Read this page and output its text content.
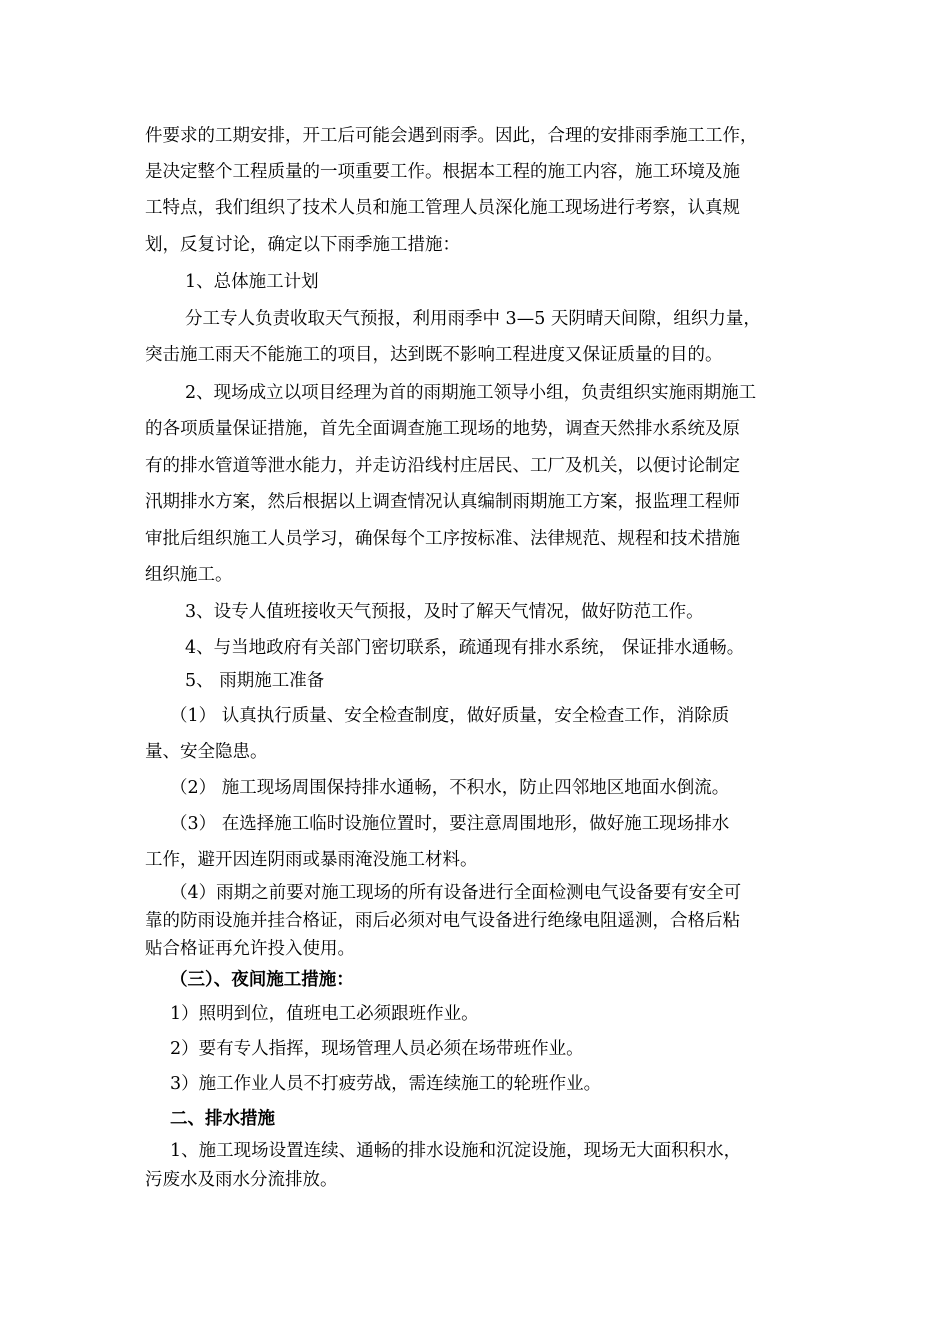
件要求的工期安排，开工后可能会遇到雨季。因此，合理的安排雨季施工工作，
是决定整个工程质量的一项重要工作。根据本工程的施工内容，施工环境及施
工特点，我们组织了技术人员和施工管理人员深化施工现场进行考察，认真规
划，反复讨论，确定以下雨季施工措施：
1、总体施工计划
分工专人负责收取天气预报，利用雨季中 3—5 天阴晴天间隙，组织力量，
突击施工雨天不能施工的项目，达到既不影响工程进度又保证质量的目的。
2、现场成立以项目经理为首的雨期施工领导小组，负责组织实施雨期施工
的各项质量保证措施，首先全面调查施工现场的地势，调查天然排水系统及原
有的排水管道等泄水能力，并走访沿线村庄居民、工厂及机关，以便讨论制定
汛期排水方案，然后根据以上调查情况认真编制雨期施工方案，报监理工程师
审批后组织施工人员学习，确保每个工序按标准、法律规范、规程和技术措施
组织施工。
3、设专人值班接收天气预报，及时了解天气情况，做好防范工作。
4、与当地政府有关部门密切联系，疏通现有排水系统， 保证排水通畅。
5、 雨期施工准备
（1） 认真执行质量、安全检查制度，做好质量，安全检查工作，消除质
量、安全隐患。
（2） 施工现场周围保持排水通畅，不积水，防止四邻地区地面水倒流。
（3） 在选择施工临时设施位置时，要注意周围地形，做好施工现场排水
工作，避开因连阴雨或暴雨淹没施工材料。
（4）雨期之前要对施工现场的所有设备进行全面检测电气设备要有安全可
靠的防雨设施并挂合格证，雨后必须对电气设备进行绝缘电阻遥测，合格后粘
贴合格证再允许投入使用。
（三）、夜间施工措施：
1）照明到位，值班电工必须跟班作业。
2）要有专人指挥，现场管理人员必须在场带班作业。
3）施工作业人员不打疲劳战，需连续施工的轮班作业。
二、排水措施
1、施工现场设置连续、通畅的排水设施和沉淀设施，现场无大面积积水，
污废水及雨水分流排放。
